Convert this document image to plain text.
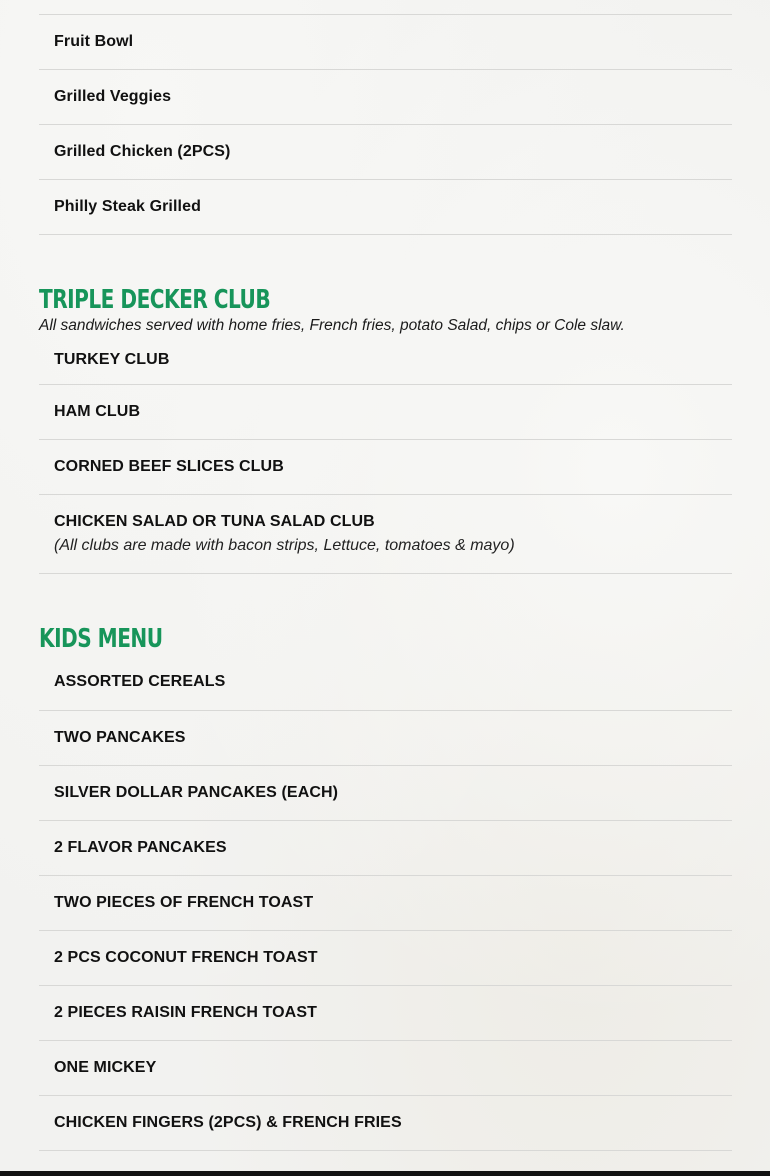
Fruit Bowl
Grilled Veggies
Grilled Chicken (2PCS)
Philly Steak Grilled
TRIPLE DECKER CLUB
All sandwiches served with home fries, French fries, potato Salad, chips or Cole slaw.
TURKEY CLUB
HAM CLUB
CORNED BEEF SLICES CLUB
CHICKEN SALAD OR TUNA SALAD CLUB
(All clubs are made with bacon strips, Lettuce, tomatoes & mayo)
KIDS MENU
ASSORTED CEREALS
TWO PANCAKES
SILVER DOLLAR PANCAKES (EACH)
2 FLAVOR PANCAKES
TWO PIECES OF FRENCH TOAST
2 PCS COCONUT FRENCH TOAST
2 PIECES RAISIN FRENCH TOAST
ONE MICKEY
CHICKEN FINGERS (2PCS) & FRENCH FRIES
